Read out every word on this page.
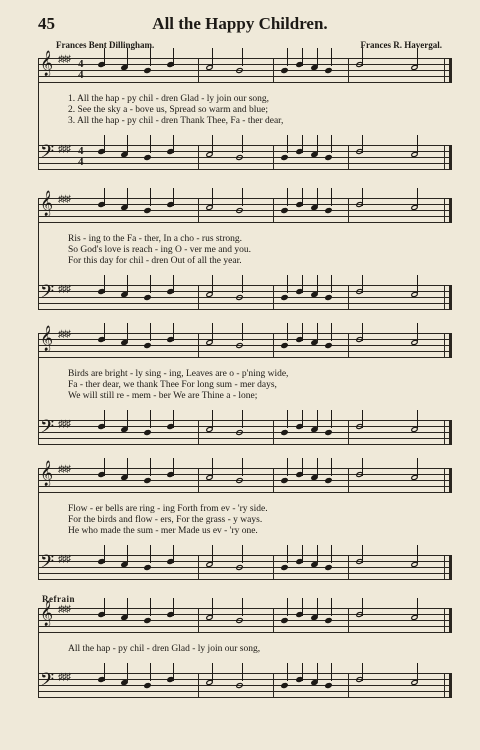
45	All the Happy Children.
Frances Bent Dillingham.	Frances R. Havergal.
Refrain
𝄞 ♯♯♯ 4
4
1. All the hap - py chil - dren Glad - ly join our song,
2. See the sky a - bove us, Spread so warm and blue;
3. All the hap - py chil - dren Thank Thee, Fa - ther dear,
𝄢 ♯♯♯ 4
4
𝄞 ♯♯♯
Ris - ing to the Fa - ther, In a cho - rus strong.
So God's love is reach - ing O - ver me and you.
For this day for chil - dren Out of all the year.
𝄢 ♯♯♯
𝄞 ♯♯♯
Birds are bright - ly sing - ing, Leaves are o - p'ning wide,
Fa - ther dear, we thank Thee For long sum - mer days,
We will still re - mem - ber We are Thine a - lone;
𝄢 ♯♯♯
𝄞 ♯♯♯
Flow - er bells are ring - ing Forth from ev - 'ry side.
For the birds and flow - ers, For the grass - y ways.
He who made the sum - mer Made us ev - 'ry one.
𝄢 ♯♯♯
𝄞 ♯♯♯
All the hap - py chil - dren Glad - ly join our song,
𝄢 ♯♯♯
